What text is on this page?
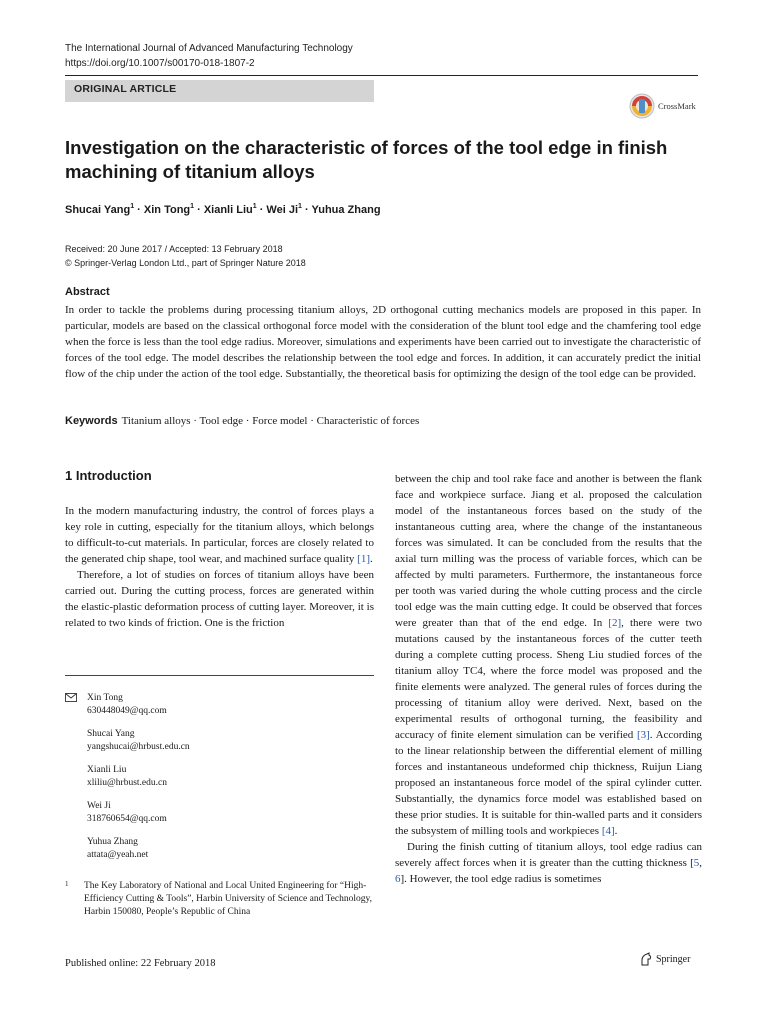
The International Journal of Advanced Manufacturing Technology
https://doi.org/10.1007/s00170-018-1807-2
ORIGINAL ARTICLE
CrossMark
Investigation on the characteristic of forces of the tool edge in finish machining of titanium alloys
Shucai Yang$^1$ · Xin Tong$^1$ · Xianli Liu$^1$ · Wei $Ji^1$ · Yuhua Zhang
Received: 20 June 2017 / Accepted: 13 February 2018
© Springer-Verlag London Ltd., part of Springer Nature 2018
Abstract
In order to tackle the problems during processing titanium alloys, 2D orthogonal cutting mechanics models are proposed in this paper. In particular, models are based on the classical orthogonal force model with the consideration of the blunt tool edge and the chamfering tool edge when the force is less than the tool edge radius. Moreover, simulations and experiments have been carried out to investigate the characteristic of forces of the tool edge. The model describes the relationship between the tool edge and forces. In addition, it can accurately predict the initial flow of the chip under the action of the tool edge. Substantially, the theoretical basis for optimizing the design of the tool edge can be provided.
Keywords Titanium alloys · Tool edge · Force model · Characteristic of forces
1 Introduction

In the modern manufacturing industry, the control of forces plays a key role in cutting, especially for the titanium alloys, which belongs to difficult-to-cut materials. In particular, forces are closely related to the generated chip shape, tool wear, and machined surface quality [1].

Therefore, a lot of studies on forces of titanium alloys have been carried out. During the cutting process, forces are generated within the elastic-plastic deformation process of cutting layer. Moreover, it is related to two kinds of friction. One is the friction

between the chip and tool rake face and another is between the flank face and workpiece surface. Jiang et al. proposed the calculation model of the instantaneous forces based on the study of the instantaneous cutting area, where the change of the instantaneous forces was simulated. It can be concluded from the results that the axial turn milling was the process of variable forces, which can be affected by multi parameters. Furthermore, the instantaneous force per tooth was varied during the whole cutting process and the circle tool edge was the main cutting edge. It could be observed that forces were greater than that of the end edge. In [2], there were two mutations caused by the instantaneous forces of the cutter teeth during a complete cutting process. Sheng Liu studied forces of the titanium alloy TC4, where the force model was proposed and the finite elements were analyzed. The general rules of forces during the processing of titanium alloy were derived. Next, based on the experimental results of orthogonal turning, the feasibility and accuracy of finite element simulation can be verified [3]. According to the linear relationship between the differential element of milling forces and instantaneous undeformed chip thickness, Ruijun Liang proposed an instantaneous force model of the spiral cylinder cutter. Substantially, the dynamics force model was established based on these prior studies. It is suitable for thin-walled parts and it considers the subsystem of milling tools and workpieces [4].

During the finish cutting of titanium alloys, tool edge radius can severely affect forces when it is greater than the cutting thickness [5, 6]. However, the tool edge radius is sometimes

Xin Tong
630448049@qq.com
Shucai Yang
yangshucai@hrbust.edu.cn
Xianli Liu
xliliu@hrbust.edu.cn
Wei Ji
318760654@qq.com
Yuhua Zhang
attata@yeah.net
1 The Key Laboratory of National and Local United Engineering for “High-Efficiency Cutting & Tools”, Harbin University of Science and Technology, Harbin 150080, People’s Republic of China
Published online: 22 February 2018	Springer
